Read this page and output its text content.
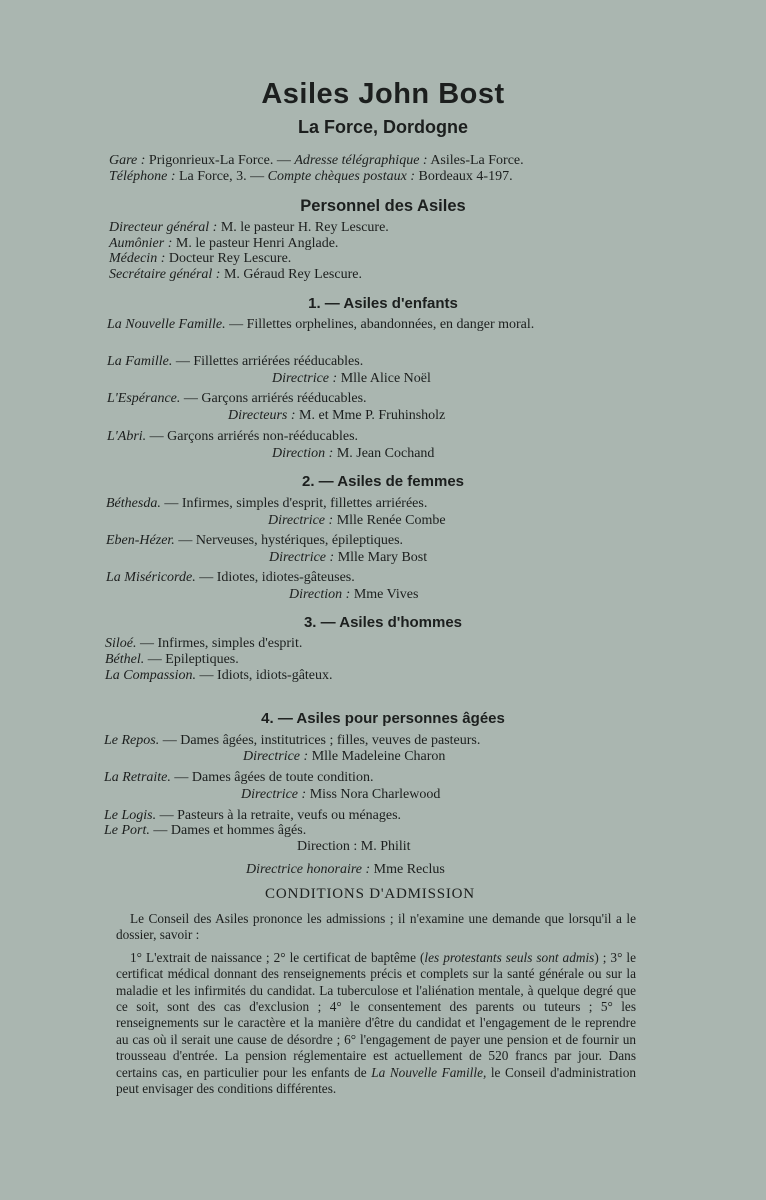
Asiles John Bost
La Force, Dordogne
Gare : Prigonrieux-La Force. — Adresse télégraphique : Asiles-La Force.
Téléphone : La Force, 3. — Compte chèques postaux : Bordeaux 4-197.
Personnel des Asiles
Directeur général : M. le pasteur H. Rey Lescure.
Aumônier : M. le pasteur Henri Anglade.
Médecin : Docteur Rey Lescure.
Secrétaire général : M. Géraud Rey Lescure.
1. — Asiles d'enfants
La Nouvelle Famille. — Fillettes orphelines, abandonnées, en danger moral.
La Famille. — Fillettes arriérées rééducables.
Directrice : Mlle Alice Noël
L'Espérance. — Garçons arriérés rééducables.
Directeurs : M. et Mme P. Fruhinsholz
L'Abri. — Garçons arriérés non-rééducables.
Direction : M. Jean Cochand
2. — Asiles de femmes
Béthesda. — Infirmes, simples d'esprit, fillettes arriérées.
Directrice : Mlle Renée Combe
Eben-Hézer. — Nerveuses, hystériques, épileptiques.
Directrice : Mlle Mary Bost
La Miséricorde. — Idiotes, idiotes-gâteuses.
Direction : Mme Vives
3. — Asiles d'hommes
Siloé. — Infirmes, simples d'esprit.
Béthel. — Epileptiques.
La Compassion. — Idiots, idiots-gâteux.
4. — Asiles pour personnes âgées
Le Repos. — Dames âgées, institutrices ; filles, veuves de pasteurs.
Directrice : Mlle Madeleine Charon
La Retraite. — Dames âgées de toute condition.
Directrice : Miss Nora Charlewood
Le Logis. — Pasteurs à la retraite, veufs ou ménages.
Le Port. — Dames et hommes âgés.
Direction : M. Philit
Directrice honoraire : Mme Reclus
CONDITIONS D'ADMISSION

Le Conseil des Asiles prononce les admissions ; il n'examine une demande que lorsqu'il a le dossier, savoir :

1° L'extrait de naissance ; 2° le certificat de baptême (les protestants seuls sont admis) ; 3° le certificat médical donnant des renseignements précis et complets sur la santé générale ou sur la maladie et les infirmités du candidat. La tuberculose et l'aliénation mentale, à quelque degré que ce soit, sont des cas d'exclusion ; 4° le consentement des parents ou tuteurs ; 5° les renseignements sur le caractère et la manière d'être du candidat et l'engagement de le reprendre au cas où il serait une cause de désordre ; 6° l'engagement de payer une pension et de fournir un trousseau d'entrée. La pension réglementaire est actuellement de 520 francs par jour. Dans certains cas, en particulier pour les enfants de La Nouvelle Famille, le Conseil d'administration peut envisager des conditions différentes.
